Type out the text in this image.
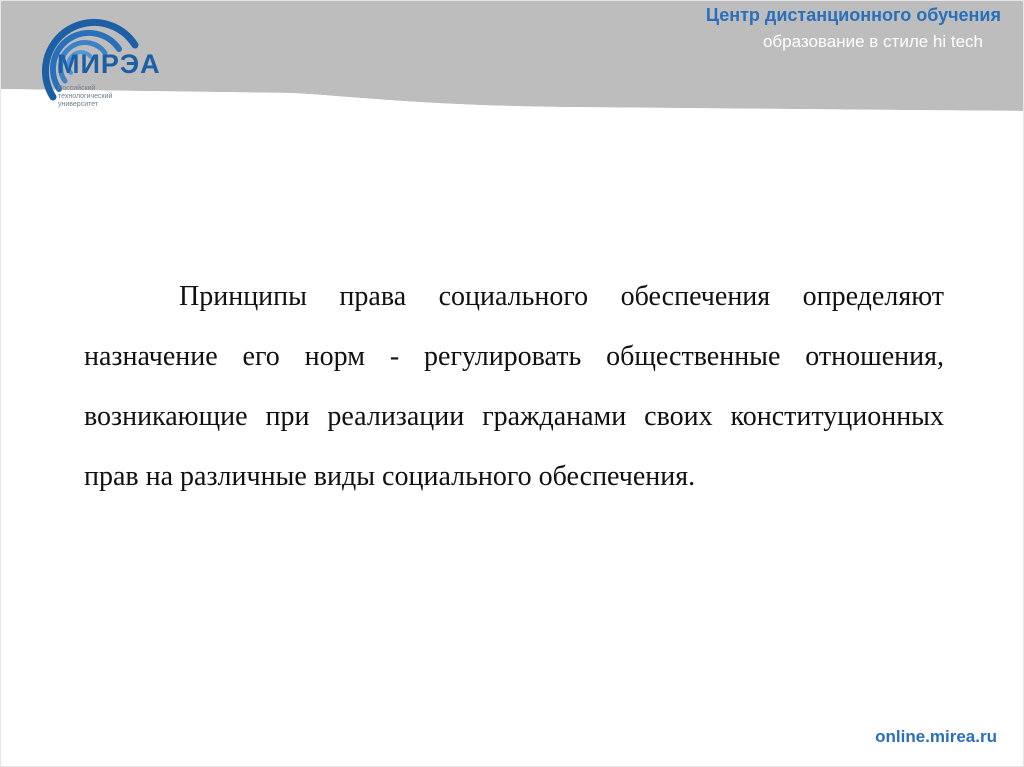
МИРЭА
Российский
технологический
университет
Центр дистанционного обучения
образование в стиле hi tech

Принципы права социального обеспечения определяют назначение его норм - регулировать общественные отношения, возникающие при реализации гражданами своих конституционных прав на различные виды социального обеспечения.

online.mirea.ru
